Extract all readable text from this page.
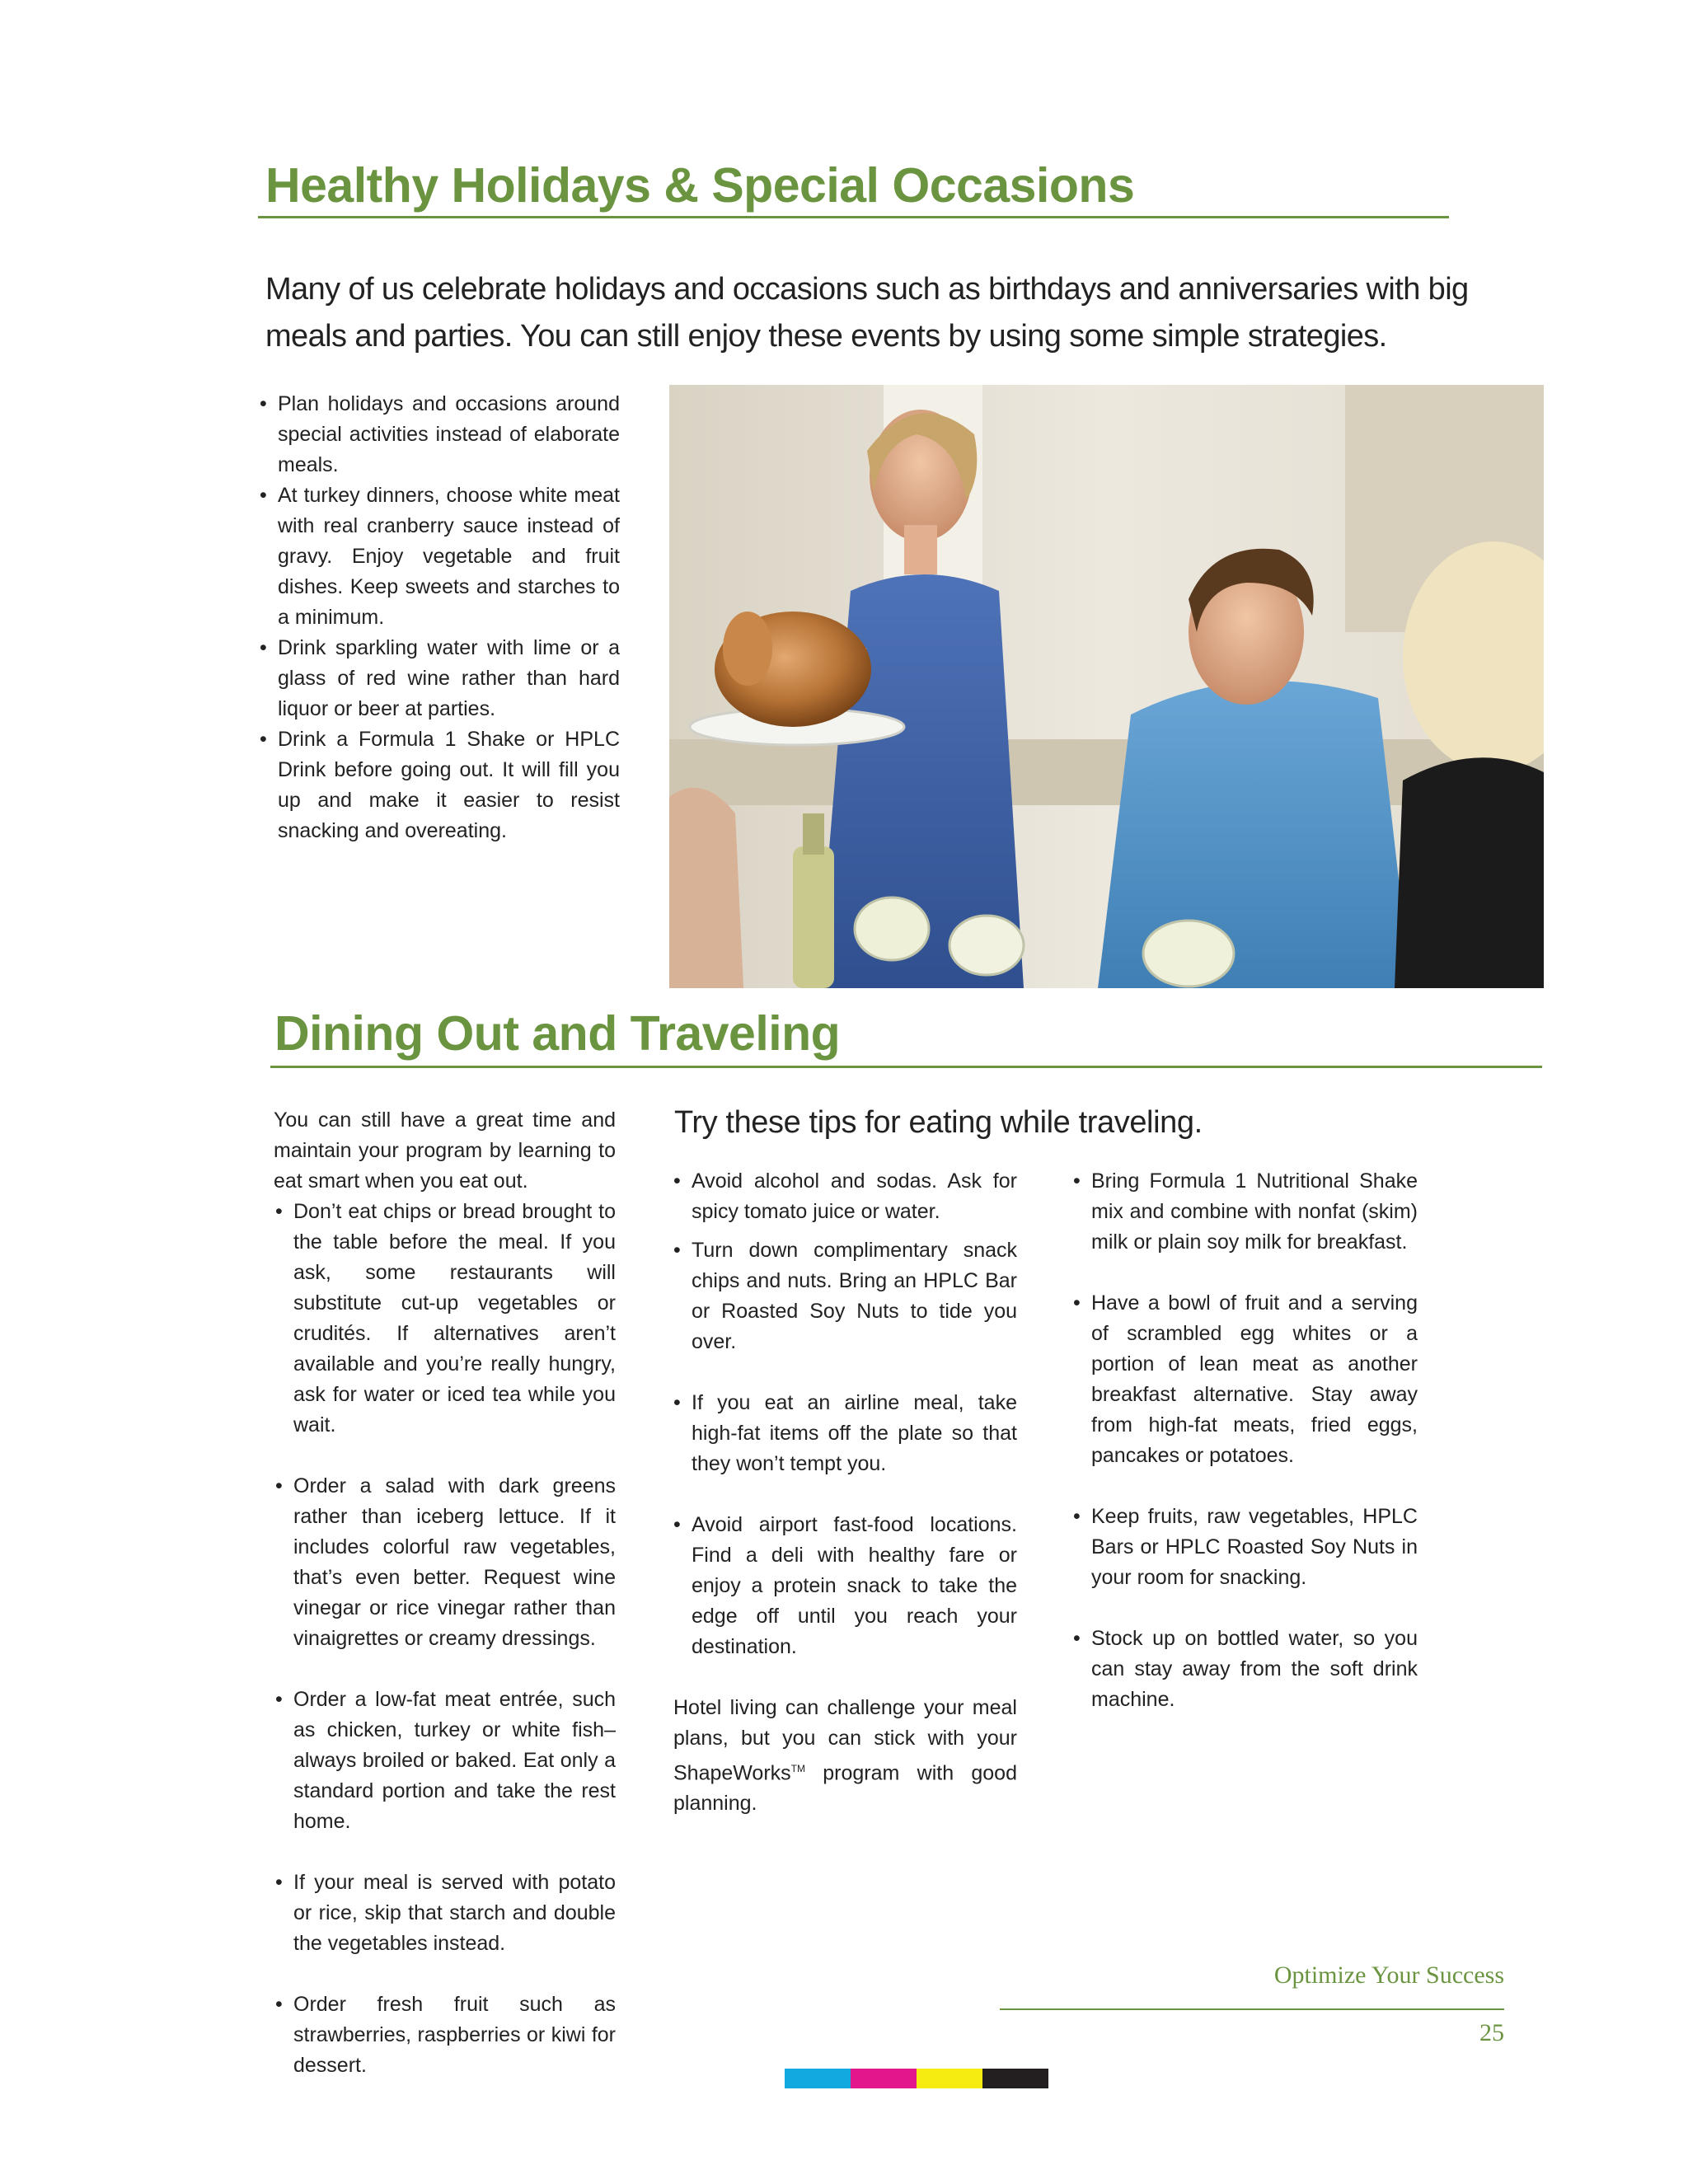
Healthy Holidays & Special Occasions
Many of us celebrate holidays and occasions such as birthdays and anniversaries with big
meals and parties. You can still enjoy these events by using some simple strategies.
• Plan holidays and occasions around special activities instead of elaborate meals.
• At turkey dinners, choose white meat with real cranberry sauce instead of gravy. Enjoy vegetable and fruit dishes. Keep sweets and starches to a minimum.
• Drink sparkling water with lime or a glass of red wine rather than hard liquor or beer at parties.
• Drink a Formula 1 Shake or HPLC Drink before going out. It will fill you up and make it easier to resist snacking and overeating.
Dining Out and Traveling

You can still have a great time and maintain your program by learning to eat smart when you eat out.

• Don’t eat chips or bread brought to the table before the meal. If you ask, some restaurants will substitute cut-up vegetables or crudités. If alternatives aren’t available and you’re really hungry, ask for water or iced tea while you wait.
• Order a salad with dark greens rather than iceberg lettuce. If it includes colorful raw vegetables, that’s even better. Request wine vinegar or rice vinegar rather than vinaigrettes or creamy dressings.
• Order a low-fat meat entrée, such as chicken, turkey or white fish–always broiled or baked. Eat only a standard portion and take the rest home.
• If your meal is served with potato or rice, skip that starch and double the vegetables instead.
• Order fresh fruit such as strawberries, raspberries or kiwi for dessert.
Try these tips for eating while traveling.
• Avoid alcohol and sodas. Ask for spicy tomato juice or water.
• Turn down complimentary snack chips and nuts. Bring an HPLC Bar or Roasted Soy Nuts to tide you over.
• If you eat an airline meal, take high-fat items off the plate so that they won’t tempt you.
• Avoid airport fast-food locations. Find a deli with healthy fare or enjoy a protein snack to take the edge off until you reach your destination.

Hotel living can challenge your meal plans, but you can stick with your ShapeWorks™ program with good planning.

• Bring Formula 1 Nutritional Shake mix and combine with nonfat (skim) milk or plain soy milk for breakfast.
• Have a bowl of fruit and a serving of scrambled egg whites or a portion of lean meat as another breakfast alternative. Stay away from high-fat meats, fried eggs, pancakes or potatoes.
• Keep fruits, raw vegetables, HPLC Bars or HPLC Roasted Soy Nuts in your room for snacking.
• Stock up on bottled water, so you can stay away from the soft drink machine.
Optimize Your Success
25
